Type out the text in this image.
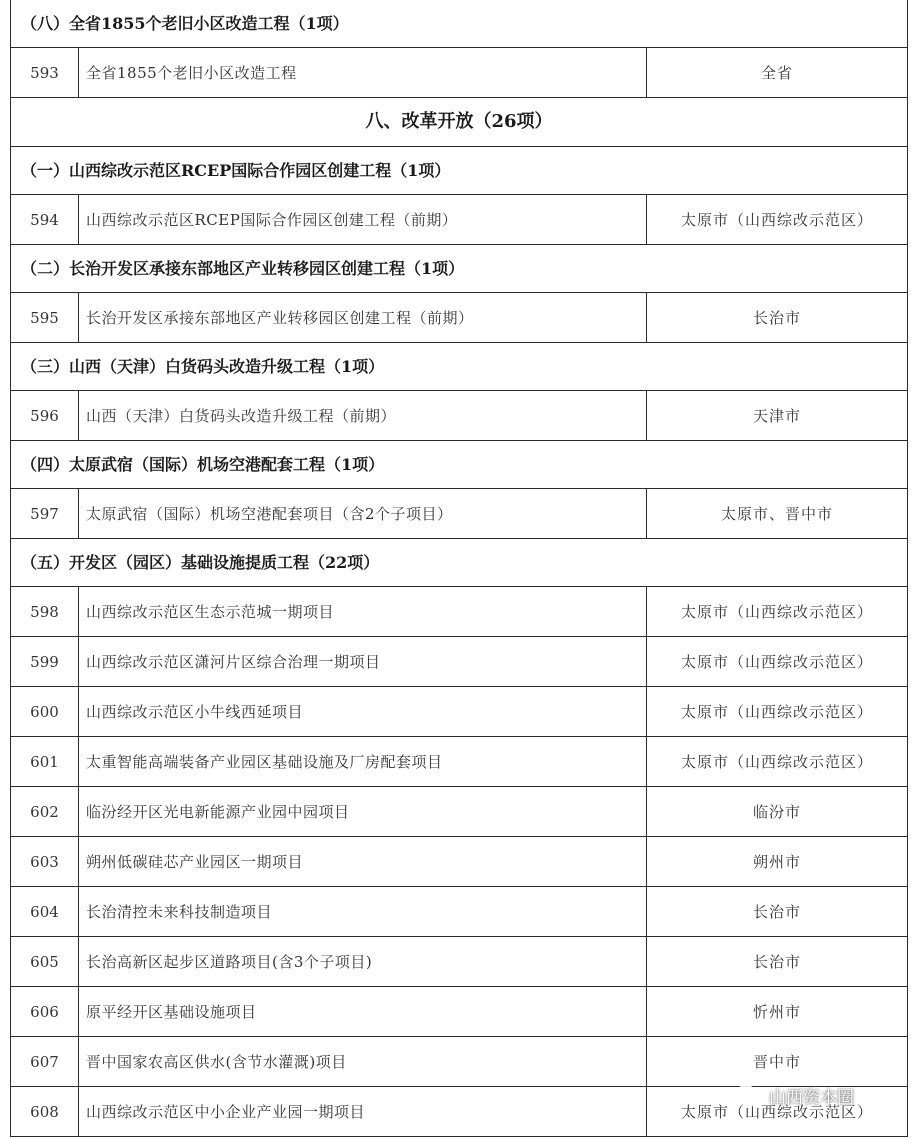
（八）全省1855个老旧小区改造工程（1项）		
593	全省1855个老旧小区改造工程	全省
八、改革开放（26项）		
（一）山西综改示范区RCEP国际合作园区创建工程（1项）		
594	山西综改示范区RCEP国际合作园区创建工程（前期）	太原市（山西综改示范区）
（二）长治开发区承接东部地区产业转移园区创建工程（1项）		
595	长治开发区承接东部地区产业转移园区创建工程（前期）	长治市
（三）山西（天津）白货码头改造升级工程（1项）		
596	山西（天津）白货码头改造升级工程（前期）	天津市
（四）太原武宿（国际）机场空港配套工程（1项）		
597	太原武宿（国际）机场空港配套项目（含2个子项目）	太原市、晋中市
（五）开发区（园区）基础设施提质工程（22项）		
598	山西综改示范区生态示范城一期项目	太原市（山西综改示范区）
599	山西综改示范区潇河片区综合治理一期项目	太原市（山西综改示范区）
600	山西综改示范区小牛线西延项目	太原市（山西综改示范区）
601	太重智能高端装备产业园区基础设施及厂房配套项目	太原市（山西综改示范区）
602	临汾经开区光电新能源产业园中园项目	临汾市
603	朔州低碳硅芯产业园区一期项目	朔州市
604	长治清控未来科技制造项目	长治市
605	长治高新区起步区道路项目(含3个子项目)	长治市
606	原平经开区基础设施项目	忻州市
607	晋中国家农高区供水(含节水灌溉)项目	晋中市
608	山西综改示范区中小企业产业园一期项目	太原市（山西综改示范区）
山西资本圈
